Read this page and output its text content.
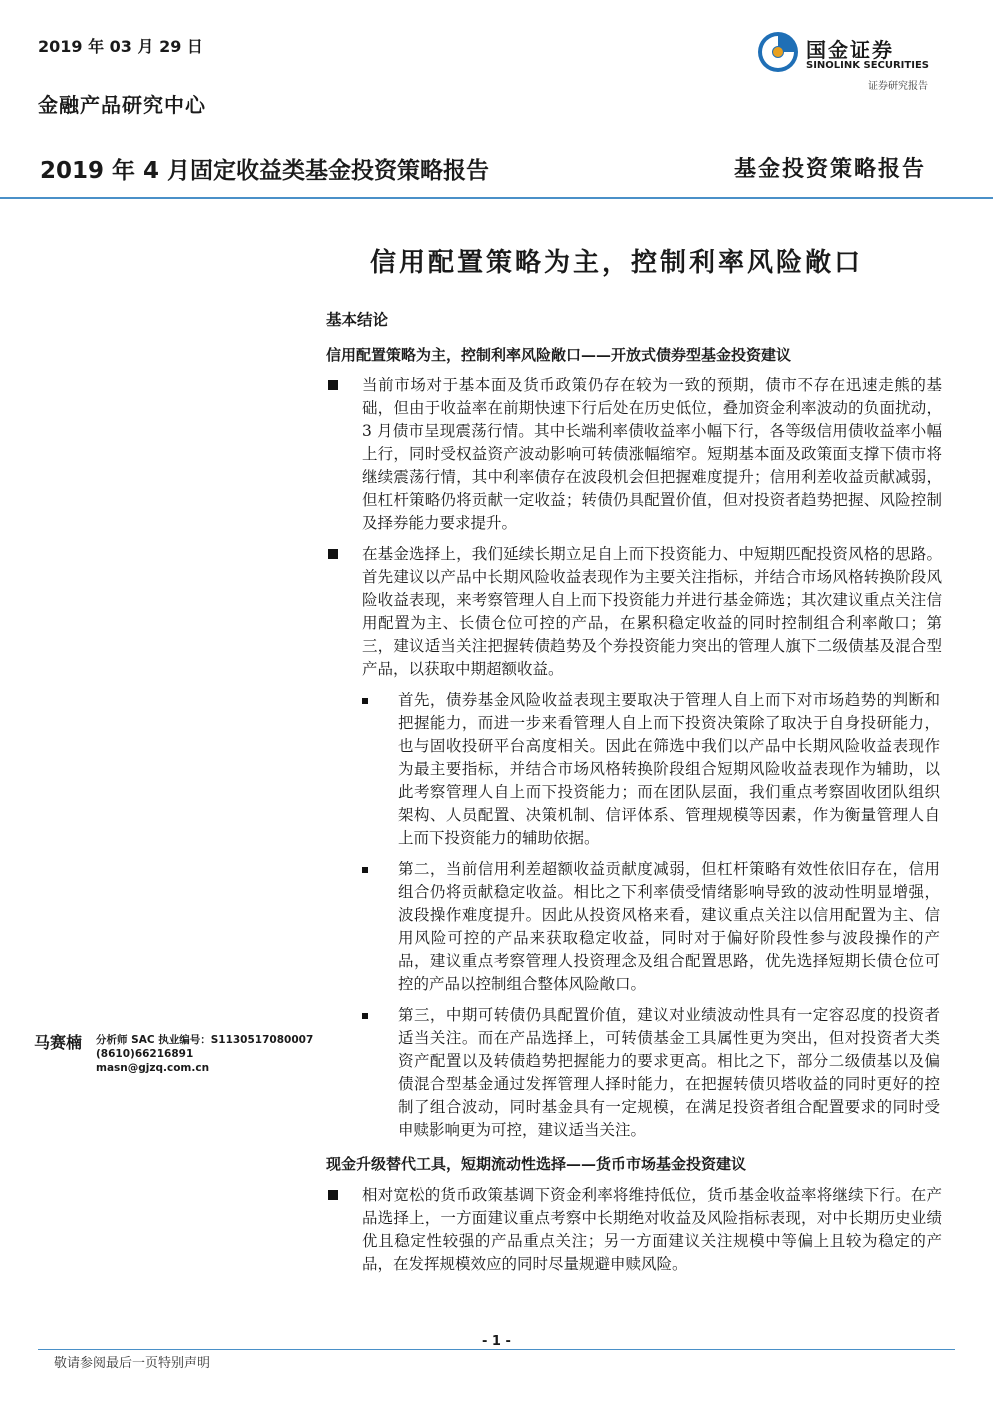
2019 年 03 月 29 日
金融产品研究中心
国金证券
SINOLINK SECURITIES
证券研究报告
2019 年 4 月固定收益类基金投资策略报告	基金投资策略报告
信用配置策略为主，控制利率风险敞口
基本结论
信用配置策略为主，控制利率风险敞口——开放式债券型基金投资建议
当前市场对于基本面及货币政策仍存在较为一致的预期，债市不存在迅速走熊的基础，但由于收益率在前期快速下行后处在历史低位，叠加资金利率波动的负面扰动，3 月债市呈现震荡行情。其中长端利率债收益率小幅下行，各等级信用债收益率小幅上行，同时受权益资产波动影响可转债涨幅缩窄。短期基本面及政策面支撑下债市将继续震荡行情，其中利率债存在波段机会但把握难度提升；信用利差收益贡献减弱，但杠杆策略仍将贡献一定收益；转债仍具配置价值，但对投资者趋势把握、风险控制及择券能力要求提升。
在基金选择上，我们延续长期立足自上而下投资能力、中短期匹配投资风格的思路。首先建议以产品中长期风险收益表现作为主要关注指标，并结合市场风格转换阶段风险收益表现，来考察管理人自上而下投资能力并进行基金筛选；其次建议重点关注信用配置为主、长债仓位可控的产品，在累积稳定收益的同时控制组合利率敞口；第三，建议适当关注把握转债趋势及个券投资能力突出的管理人旗下二级债基及混合型产品，以获取中期超额收益。
首先，债券基金风险收益表现主要取决于管理人自上而下对市场趋势的判断和把握能力，而进一步来看管理人自上而下投资决策除了取决于自身投研能力，也与固收投研平台高度相关。因此在筛选中我们以产品中长期风险收益表现作为最主要指标，并结合市场风格转换阶段组合短期风险收益表现作为辅助，以此考察管理人自上而下投资能力；而在团队层面，我们重点考察固收团队组织架构、人员配置、决策机制、信评体系、管理规模等因素，作为衡量管理人自上而下投资能力的辅助依据。
第二，当前信用利差超额收益贡献度减弱，但杠杆策略有效性依旧存在，信用组合仍将贡献稳定收益。相比之下利率债受情绪影响导致的波动性明显增强，波段操作难度提升。因此从投资风格来看，建议重点关注以信用配置为主、信用风险可控的产品来获取稳定收益，同时对于偏好阶段性参与波段操作的产品，建议重点考察管理人投资理念及组合配置思路，优先选择短期长债仓位可控的产品以控制组合整体风险敞口。
第三，中期可转债仍具配置价值，建议对业绩波动性具有一定容忍度的投资者适当关注。而在产品选择上，可转债基金工具属性更为突出，但对投资者大类资产配置以及转债趋势把握能力的要求更高。相比之下，部分二级债基以及偏债混合型基金通过发挥管理人择时能力，在把握转债贝塔收益的同时更好的控制了组合波动，同时基金具有一定规模，在满足投资者组合配置要求的同时受申赎影响更为可控，建议适当关注。
现金升级替代工具，短期流动性选择——货币市场基金投资建议
相对宽松的货币政策基调下资金利率将维持低位，货币基金收益率将继续下行。在产品选择上，一方面建议重点考察中长期绝对收益及风险指标表现，对中长期历史业绩优且稳定性较强的产品重点关注；另一方面建议关注规模中等偏上且较为稳定的产品，在发挥规模效应的同时尽量规避申赎风险。
马赛楠 分析师 SAC 执业编号：S1130517080007
(8610)66216891
masn@gjzq.com.cn
- 1 -
敬请参阅最后一页特别声明
